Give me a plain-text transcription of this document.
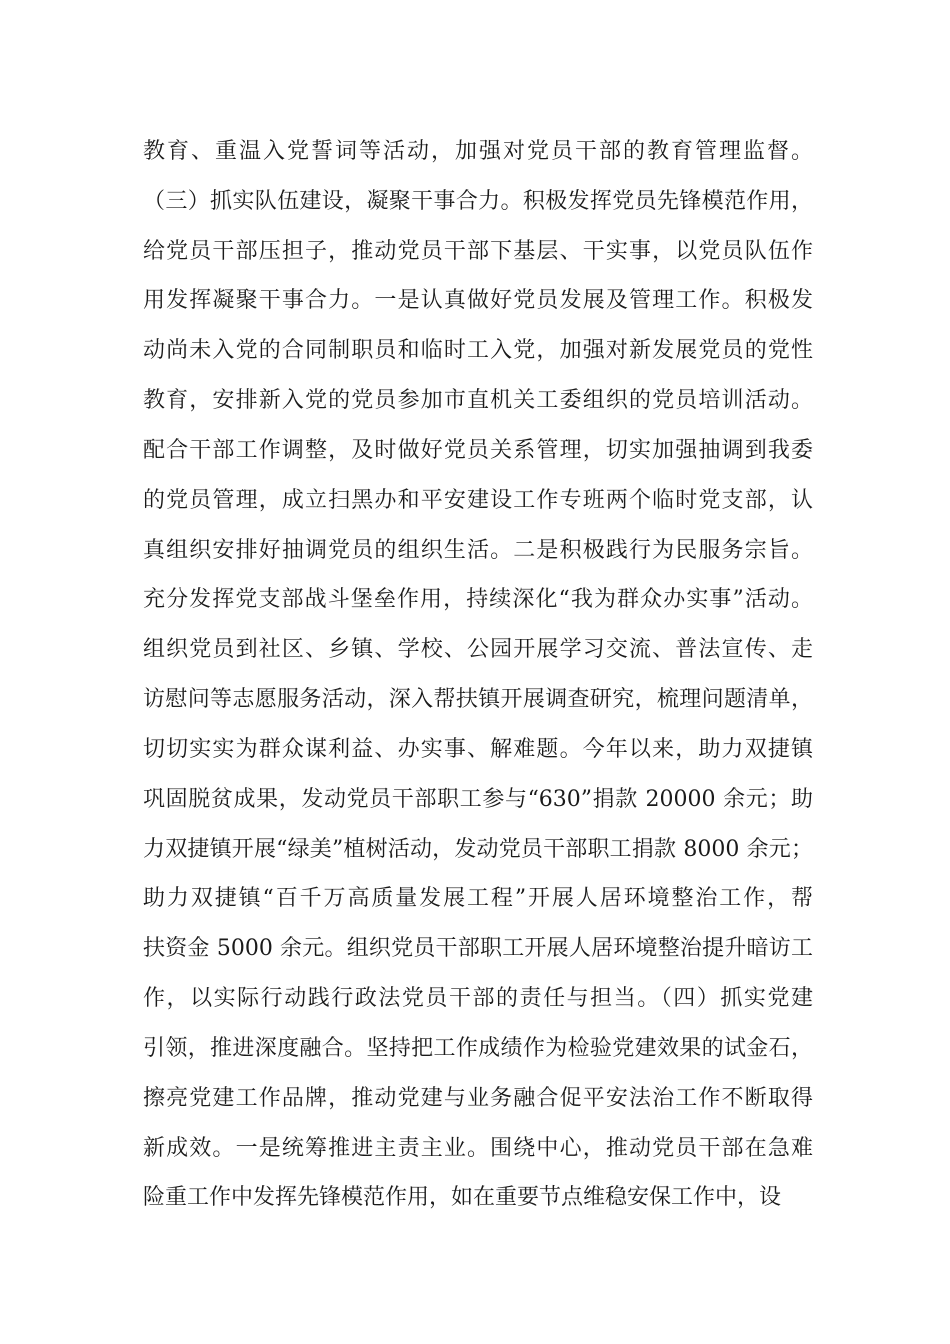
教育、重温入党誓词等活动，加强对党员干部的教育管理监督。
（三）抓实队伍建设，凝聚干事合力。积极发挥党员先锋模范作用，
给党员干部压担子，推动党员干部下基层、干实事，以党员队伍作
用发挥凝聚干事合力。一是认真做好党员发展及管理工作。积极发
动尚未入党的合同制职员和临时工入党，加强对新发展党员的党性
教育，安排新入党的党员参加市直机关工委组织的党员培训活动。
配合干部工作调整，及时做好党员关系管理，切实加强抽调到我委
的党员管理，成立扫黑办和平安建设工作专班两个临时党支部，认
真组织安排好抽调党员的组织生活。二是积极践行为民服务宗旨。
充分发挥党支部战斗堡垒作用，持续深化“我为群众办实事”活动。
组织党员到社区、乡镇、学校、公园开展学习交流、普法宣传、走
访慰问等志愿服务活动，深入帮扶镇开展调查研究，梳理问题清单，
切切实实为群众谋利益、办实事、解难题。今年以来，助力双捷镇
巩固脱贫成果，发动党员干部职工参与“630”捐款 20000 余元；助
力双捷镇开展“绿美”植树活动，发动党员干部职工捐款 8000 余元；
助力双捷镇“百千万高质量发展工程”开展人居环境整治工作，帮
扶资金 5000 余元。组织党员干部职工开展人居环境整治提升暗访工
作，以实际行动践行政法党员干部的责任与担当。（四）抓实党建
引领，推进深度融合。坚持把工作成绩作为检验党建效果的试金石，
擦亮党建工作品牌，推动党建与业务融合促平安法治工作不断取得
新成效。一是统筹推进主责主业。围绕中心，推动党员干部在急难
险重工作中发挥先锋模范作用，如在重要节点维稳安保工作中，设
